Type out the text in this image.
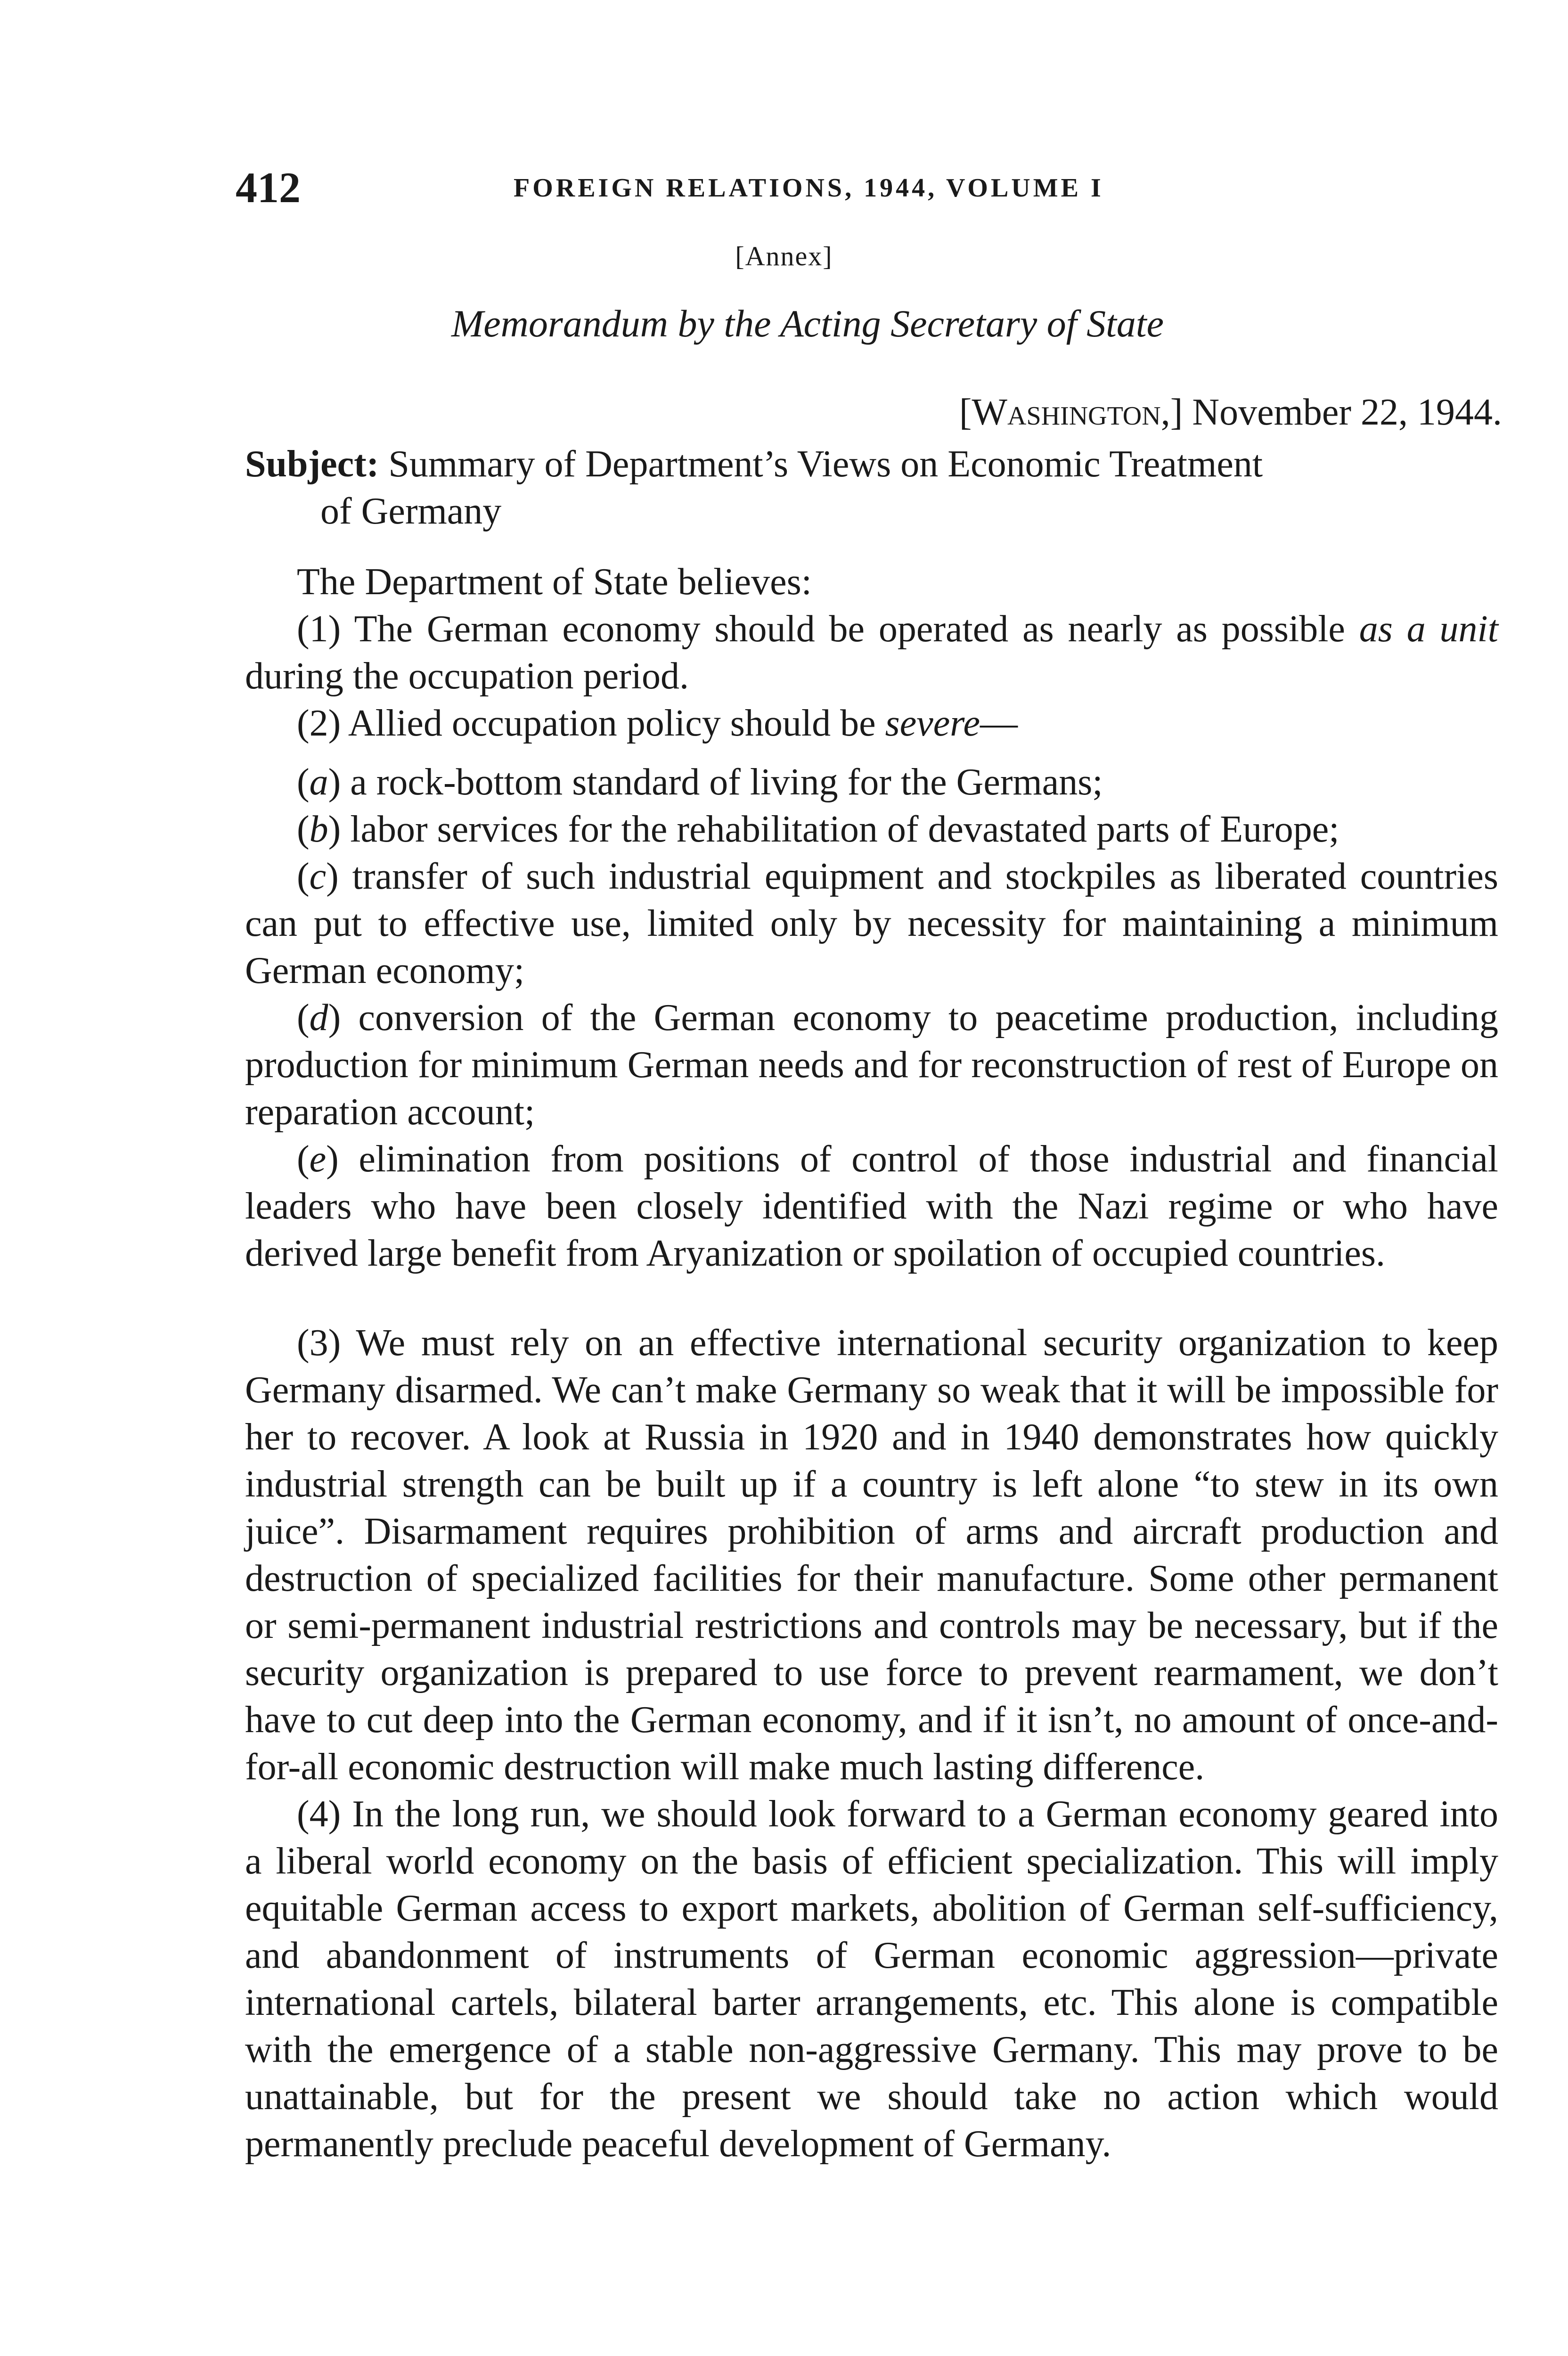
412	FOREIGN RELATIONS, 1944, VOLUME I
[Annex]
Memorandum by the Acting Secretary of State
[Washington,] November 22, 1944.
Subject: Summary of Department’s Views on Economic Treatment
of Germany

The Department of State believes:

(1) The German economy should be operated as nearly as possible as a unit during the occupation period.

(2) Allied occupation policy should be severe—

(a) a rock-bottom standard of living for the Germans;

(b) labor services for the rehabilitation of devastated parts of Europe;

(c) transfer of such industrial equipment and stockpiles as liberated countries can put to effective use, limited only by necessity for maintaining a minimum German economy;

(d) conversion of the German economy to peacetime production, including production for minimum German needs and for reconstruction of rest of Europe on reparation account;

(e) elimination from positions of control of those industrial and financial leaders who have been closely identified with the Nazi regime or who have derived large benefit from Aryanization or spoilation of occupied countries.

(3) We must rely on an effective international security organization to keep Germany disarmed. We can’t make Germany so weak that it will be impossible for her to recover. A look at Russia in 1920 and in 1940 demonstrates how quickly industrial strength can be built up if a country is left alone “to stew in its own juice”. Disarmament requires prohibition of arms and aircraft production and destruction of specialized facilities for their manufacture. Some other permanent or semi-permanent industrial restrictions and controls may be necessary, but if the security organization is prepared to use force to prevent rearmament, we don’t have to cut deep into the German economy, and if it isn’t, no amount of once-and-for-all economic destruction will make much lasting difference.

(4) In the long run, we should look forward to a German economy geared into a liberal world economy on the basis of efficient specialization. This will imply equitable German access to export markets, abolition of German self-sufficiency, and abandonment of instruments of German economic aggression—private international cartels, bilateral barter arrangements, etc. This alone is compatible with the emergence of a stable non-aggressive Germany. This may prove to be unattainable, but for the present we should take no action which would permanently preclude peaceful development of Germany.
